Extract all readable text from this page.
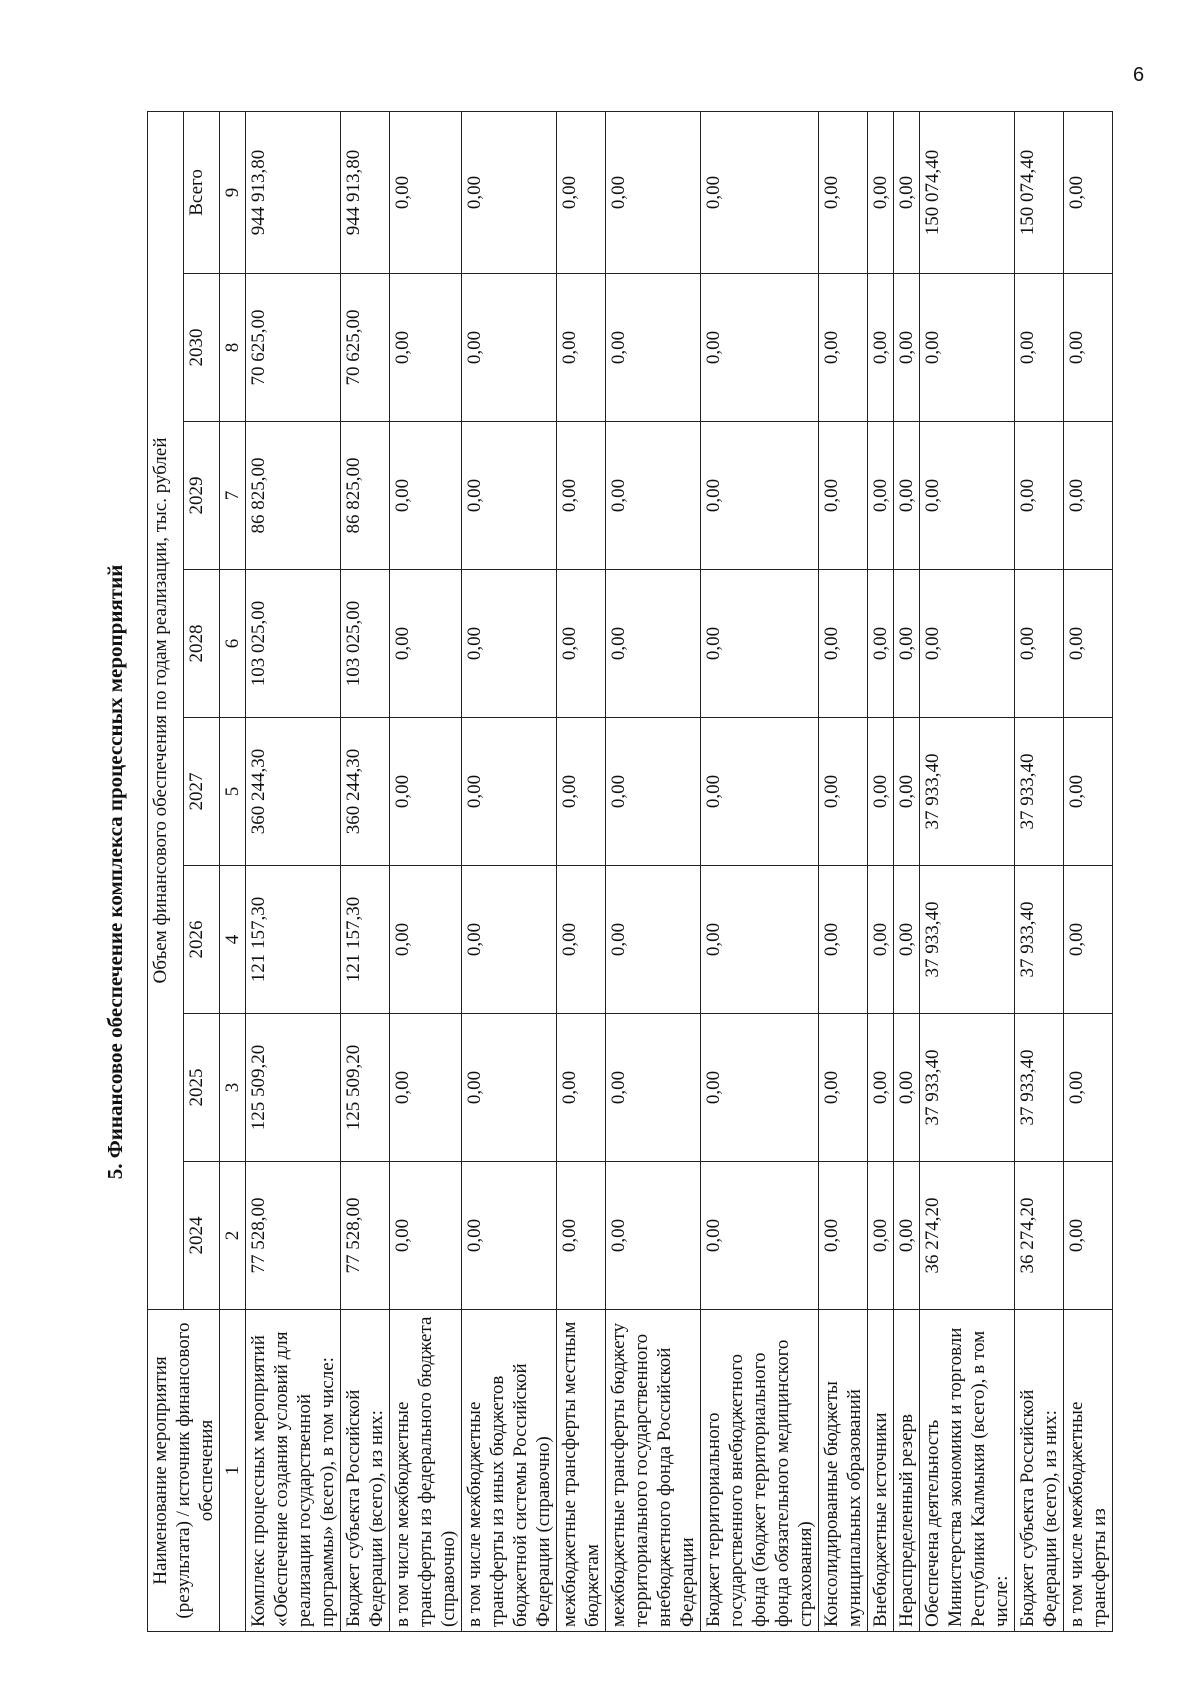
6
5. Финансовое обеспечение комплекса процессных мероприятий
Наименование мероприятия (результата) / источник финансового обеспечения	Объем финансового обеспечения по годам реализации, тыс. рублей							
	2024	2025	2026	2027	2028	2029	2030	Всего
1	2	3	4	5	6	7	8	9
Комплекс процессных мероприятий «Обеспечение создания условий для реализации государственной программы» (всего), в том числе:	77 528,00	125 509,20	121 157,30	360 244,30	103 025,00	86 825,00	70 625,00	944 913,80
Бюджет субъекта Российской Федерации (всего), из них:	77 528,00	125 509,20	121 157,30	360 244,30	103 025,00	86 825,00	70 625,00	944 913,80
в том числе межбюджетные трансферты из федерального бюджета (справочно)	0,00	0,00	0,00	0,00	0,00	0,00	0,00	0,00
в том числе межбюджетные трансферты из иных бюджетов бюджетной системы Российской Федерации (справочно)	0,00	0,00	0,00	0,00	0,00	0,00	0,00	0,00
межбюджетные трансферты местным бюджетам	0,00	0,00	0,00	0,00	0,00	0,00	0,00	0,00
межбюджетные трансферты бюджету территориального государственного внебюджетного фонда Российской Федерации	0,00	0,00	0,00	0,00	0,00	0,00	0,00	0,00
Бюджет территориального государственного внебюджетного фонда (бюджет территориального фонда обязательного медицинского страхования)	0,00	0,00	0,00	0,00	0,00	0,00	0,00	0,00
Консолидированные бюджеты муниципальных образований	0,00	0,00	0,00	0,00	0,00	0,00	0,00	0,00
Внебюджетные источники	0,00	0,00	0,00	0,00	0,00	0,00	0,00	0,00
Нераспределенный резерв	0,00	0,00	0,00	0,00	0,00	0,00	0,00	0,00
Обеспечена деятельность Министерства экономики и торговли Республики Калмыкия (всего), в том числе:	36 274,20	37 933,40	37 933,40	37 933,40	0,00	0,00	0,00	150 074,40
Бюджет субъекта Российской Федерации (всего), из них:	36 274,20	37 933,40	37 933,40	37 933,40	0,00	0,00	0,00	150 074,40
в том числе межбюджетные трансферты из	0,00	0,00	0,00	0,00	0,00	0,00	0,00	0,00
